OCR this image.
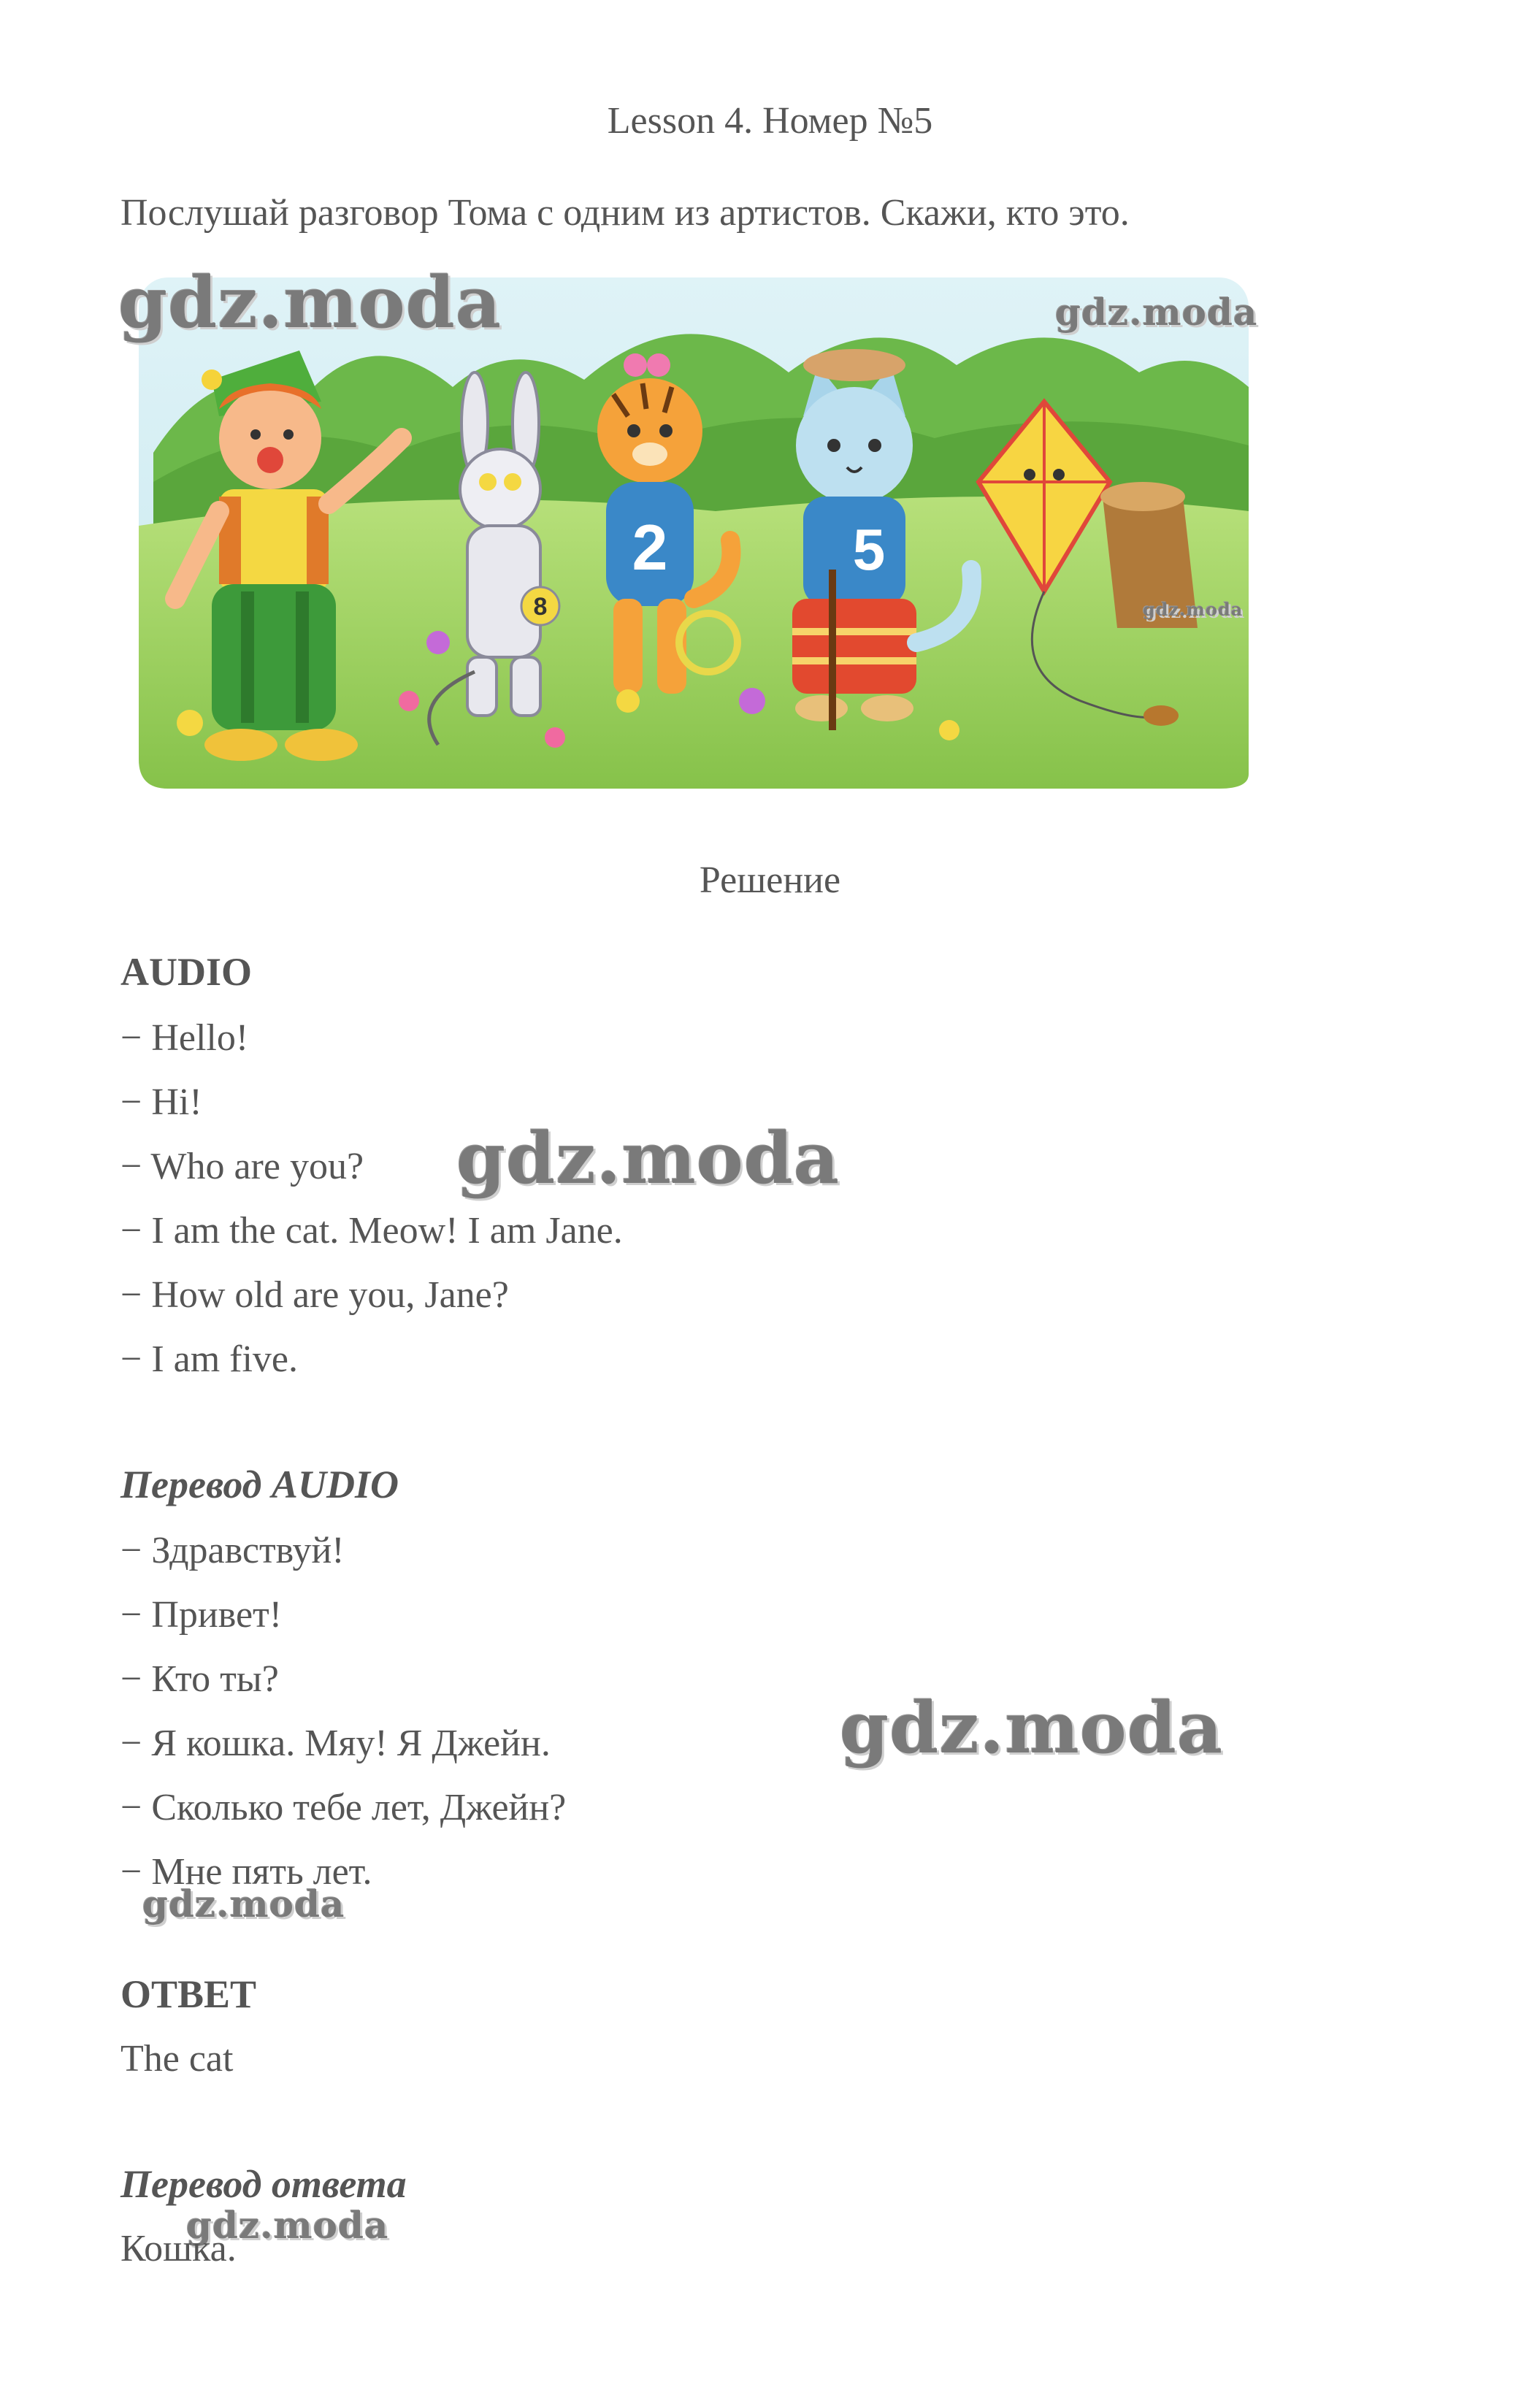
Lesson 4. Номер №5
Послушай разговор Тома с одним из артистов. Скажи, кто это.
8
2	5
gdz.moda	gdz.moda
gdz.moda
Решение
AUDIO
− Hello!
− Hi!
− Who are you?
− I am the cat. Meow! I am Jane.
− How old are you, Jane?
− I am five.
gdz.moda
Перевод AUDIO
− Здравствуй!
− Привет!
− Кто ты?
− Я кошка. Мяу! Я Джейн.
− Сколько тебе лет, Джейн?
− Мне пять лет.
gdz.moda
gdz.moda
ОТВЕТ
The cat
Перевод ответа
gdz.moda
Кошка.
